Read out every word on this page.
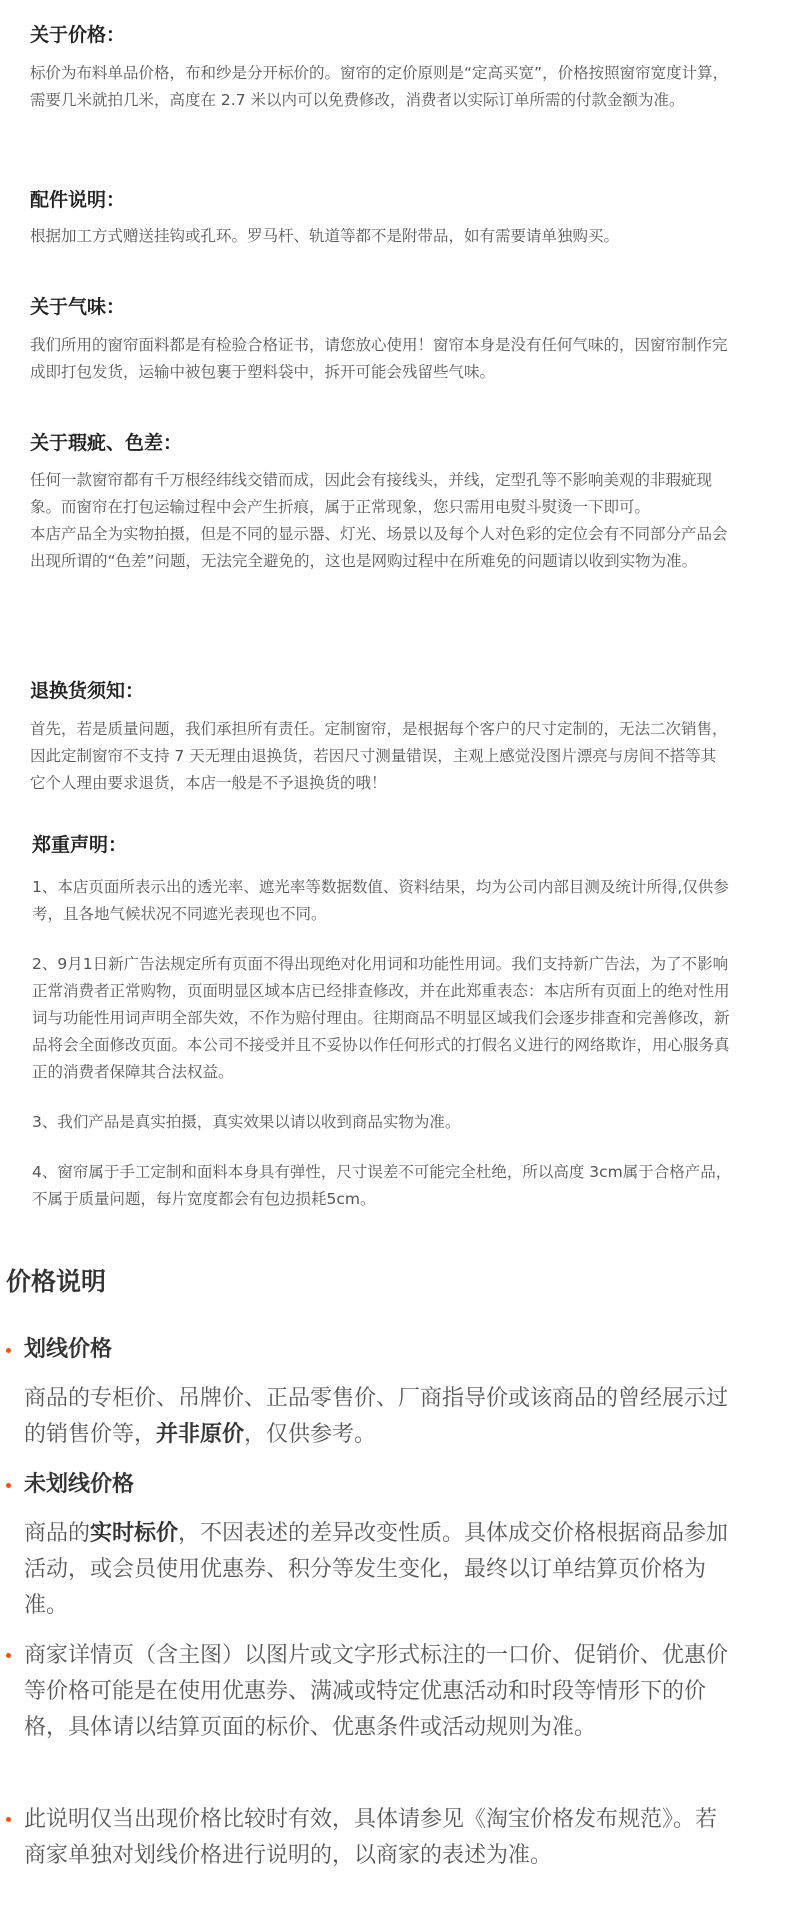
关于价格：

标价为布料单品价格，布和纱是分开标价的。窗帘的定价原则是“定高买宽”，价格按照窗帘宽度计算，需要几米就拍几米，高度在 2.7 米以内可以免费修改，消费者以实际订单所需的付款金额为准。

配件说明：

根据加工方式赠送挂钩或孔环。罗马杆、轨道等都不是附带品，如有需要请单独购买。

关于气味：

我们所用的窗帘面料都是有检验合格证书，请您放心使用！窗帘本身是没有任何气味的，因窗帘制作完成即打包发货，运输中被包裹于塑料袋中，拆开可能会残留些气味。

关于瑕疵、色差：

任何一款窗帘都有千万根经纬线交错而成，因此会有接线头，并线，定型孔等不影响美观的非瑕疵现象。而窗帘在打包运输过程中会产生折痕，属于正常现象，您只需用电熨斗熨烫一下即可。

本店产品全为实物拍摄，但是不同的显示器、灯光、场景以及每个人对色彩的定位会有不同部分产品会出现所谓的“色差”问题，无法完全避免的，这也是网购过程中在所难免的问题请以收到实物为准。

退换货须知：

首先，若是质量问题，我们承担所有责任。定制窗帘，是根据每个客户的尺寸定制的，无法二次销售，因此定制窗帘不支持 7 天无理由退换货，若因尺寸测量错误，主观上感觉没图片漂亮与房间不搭等其它个人理由要求退货，本店一般是不予退换货的哦！

郑重声明：

1、本店页面所表示出的透光率、遮光率等数据数值、资料结果，均为公司内部目测及统计所得,仅供参考，且各地气候状况不同遮光表现也不同。

2、9月1日新广告法规定所有页面不得出现绝对化用词和功能性用词。我们支持新广告法，为了不影响正常消费者正常购物，页面明显区域本店已经排查修改，并在此郑重表态：本店所有页面上的绝对性用词与功能性用词声明全部失效，不作为赔付理由。往期商品不明显区域我们会逐步排查和完善修改，新品将会全面修改页面。本公司不接受并且不妥协以作任何形式的打假名义进行的网络欺诈，用心服务真正的消费者保障其合法权益。

3、我们产品是真实拍摄，真实效果以请以收到商品实物为准。

4、窗帘属于手工定制和面料本身具有弹性，尺寸误差不可能完全杜绝，所以高度 3cm属于合格产品，不属于质量问题，每片宽度都会有包边损耗5cm。

价格说明
划线价格

商品的专柜价、吊牌价、正品零售价、厂商指导价或该商品的曾经展示过的销售价等，并非原价，仅供参考。

未划线价格

商品的实时标价，不因表述的差异改变性质。具体成交价格根据商品参加活动，或会员使用优惠券、积分等发生变化，最终以订单结算页价格为准。

商家详情页（含主图）以图片或文字形式标注的一口价、促销价、优惠价等价格可能是在使用优惠券、满减或特定优惠活动和时段等情形下的价格，具体请以结算页面的标价、优惠条件或活动规则为准。

此说明仅当出现价格比较时有效，具体请参见《淘宝价格发布规范》。若商家单独对划线价格进行说明的，以商家的表述为准。
